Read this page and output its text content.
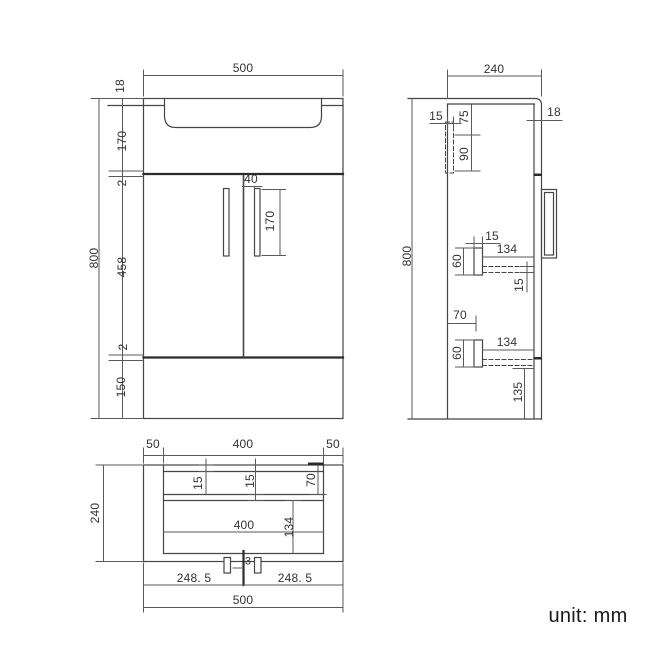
500
18
170
2
458
2
150
800
40
170
240
800
15 75
90
18
15
134
60
15
70
134
60
135
50	400	50
240
15	15	70
400 134
3
248. 5	248. 5
500
unit: mm
